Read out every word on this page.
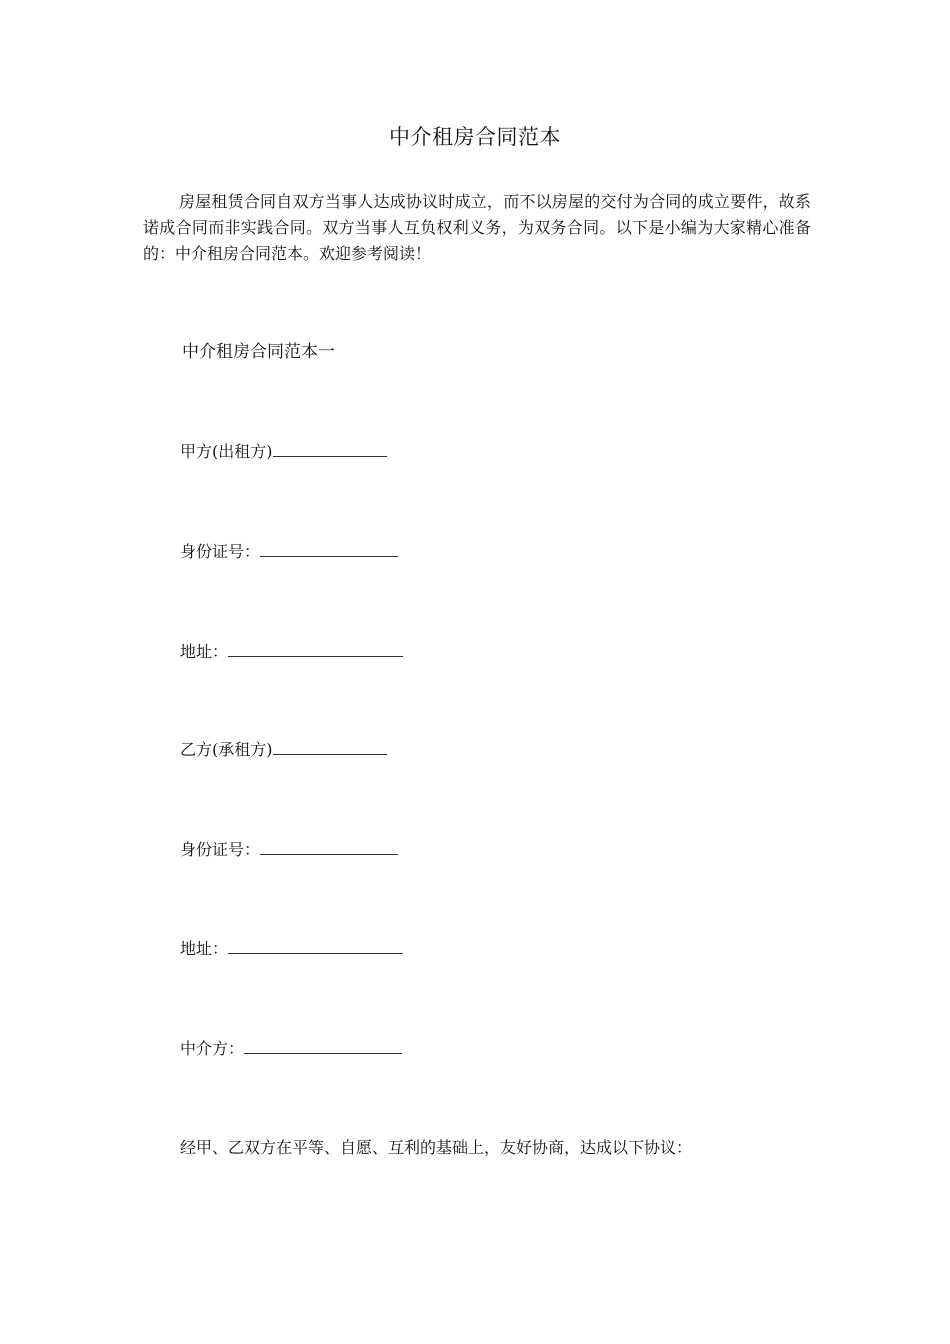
中介租房合同范本

房屋租赁合同自双方当事人达成协议时成立，而不以房屋的交付为合同的成立要件，故系诺成合同而非实践合同。双方当事人互负权利义务，为双务合同。以下是小编为大家精心准备的：中介租房合同范本。欢迎参考阅读！

中介租房合同范本一
甲方(出租方)
身份证号：
地址：
乙方(承租方)
身份证号：
地址：
中介方：
经甲、乙双方在平等、自愿、互利的基础上，友好协商，达成以下协议：
